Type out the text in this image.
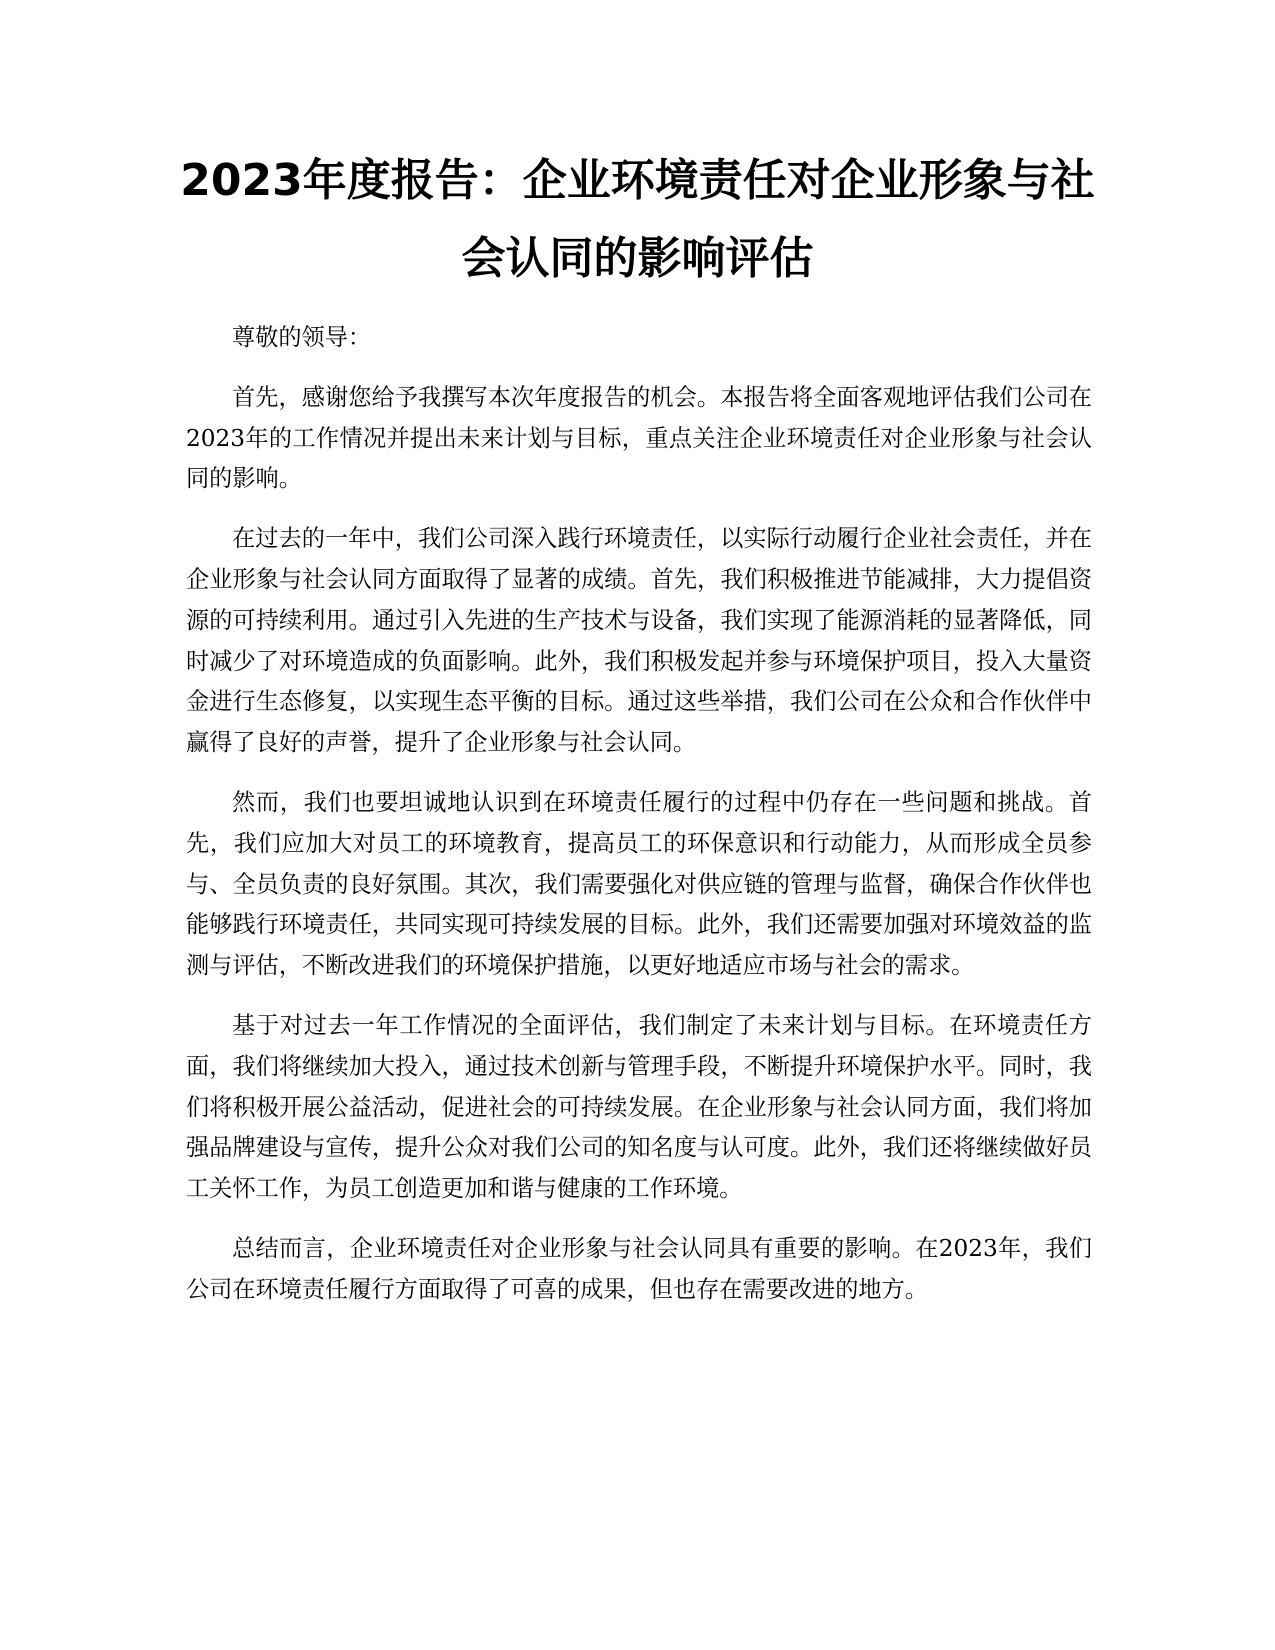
2023年度报告：企业环境责任对企业形象与社会认同的影响评估

尊敬的领导：

首先，感谢您给予我撰写本次年度报告的机会。本报告将全面客观地评估我们公司在2023年的工作情况并提出未来计划与目标，重点关注企业环境责任对企业形象与社会认同的影响。

在过去的一年中，我们公司深入践行环境责任，以实际行动履行企业社会责任，并在企业形象与社会认同方面取得了显著的成绩。首先，我们积极推进节能减排，大力提倡资源的可持续利用。通过引入先进的生产技术与设备，我们实现了能源消耗的显著降低，同时减少了对环境造成的负面影响。此外，我们积极发起并参与环境保护项目，投入大量资金进行生态修复，以实现生态平衡的目标。通过这些举措，我们公司在公众和合作伙伴中赢得了良好的声誉，提升了企业形象与社会认同。

然而，我们也要坦诚地认识到在环境责任履行的过程中仍存在一些问题和挑战。首先，我们应加大对员工的环境教育，提高员工的环保意识和行动能力，从而形成全员参与、全员负责的良好氛围。其次，我们需要强化对供应链的管理与监督，确保合作伙伴也能够践行环境责任，共同实现可持续发展的目标。此外，我们还需要加强对环境效益的监测与评估，不断改进我们的环境保护措施，以更好地适应市场与社会的需求。

基于对过去一年工作情况的全面评估，我们制定了未来计划与目标。在环境责任方面，我们将继续加大投入，通过技术创新与管理手段，不断提升环境保护水平。同时，我们将积极开展公益活动，促进社会的可持续发展。在企业形象与社会认同方面，我们将加强品牌建设与宣传，提升公众对我们公司的知名度与认可度。此外，我们还将继续做好员工关怀工作，为员工创造更加和谐与健康的工作环境。

总结而言，企业环境责任对企业形象与社会认同具有重要的影响。在2023年，我们公司在环境责任履行方面取得了可喜的成果，但也存在需要改进的地方。
